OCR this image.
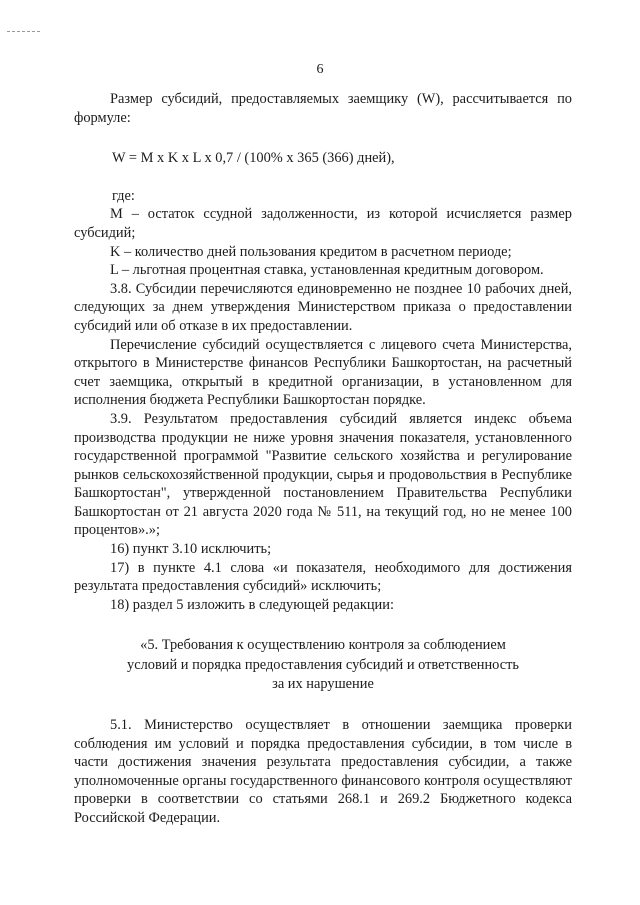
6

Размер субсидий, предоставляемых заемщику (W), рассчитывается по формуле:

W = M x K x L x 0,7 / (100% x 365 (366) дней),

где:

M – остаток ссудной задолженности, из которой исчисляется размер субсидий;

K – количество дней пользования кредитом в расчетном периоде;

L – льготная процентная ставка, установленная кредитным договором.

3.8. Субсидии перечисляются единовременно не позднее 10 рабочих дней, следующих за днем утверждения Министерством приказа о предоставлении субсидий или об отказе в их предоставлении.

Перечисление субсидий осуществляется с лицевого счета Министерства, открытого в Министерстве финансов Республики Башкортостан, на расчетный счет заемщика, открытый в кредитной организации, в установленном для исполнения бюджета Республики Башкортостан порядке.

3.9. Результатом предоставления субсидий является индекс объема производства продукции не ниже уровня значения показателя, установленного государственной программой "Развитие сельского хозяйства и регулирование рынков сельскохозяйственной продукции, сырья и продовольствия в Республике Башкортостан", утвержденной постановлением Правительства Республики Башкортостан от 21 августа 2020 года № 511, на текущий год, но не менее 100 процентов».»;

16) пункт 3.10 исключить;

17) в пункте 4.1 слова «и показателя, необходимого для достижения результата предоставления субсидий» исключить;

18) раздел 5 изложить в следующей редакции:

«5. Требования к осуществлению контроля за соблюдением
условий и порядка предоставления субсидий и ответственность
за их нарушение

5.1. Министерство осуществляет в отношении заемщика проверки соблюдения им условий и порядка предоставления субсидии, в том числе в части достижения значения результата предоставления субсидии, а также уполномоченные органы государственного финансового контроля осуществляют проверки в соответствии со статьями 268.1 и 269.2 Бюджетного кодекса Российской Федерации.
